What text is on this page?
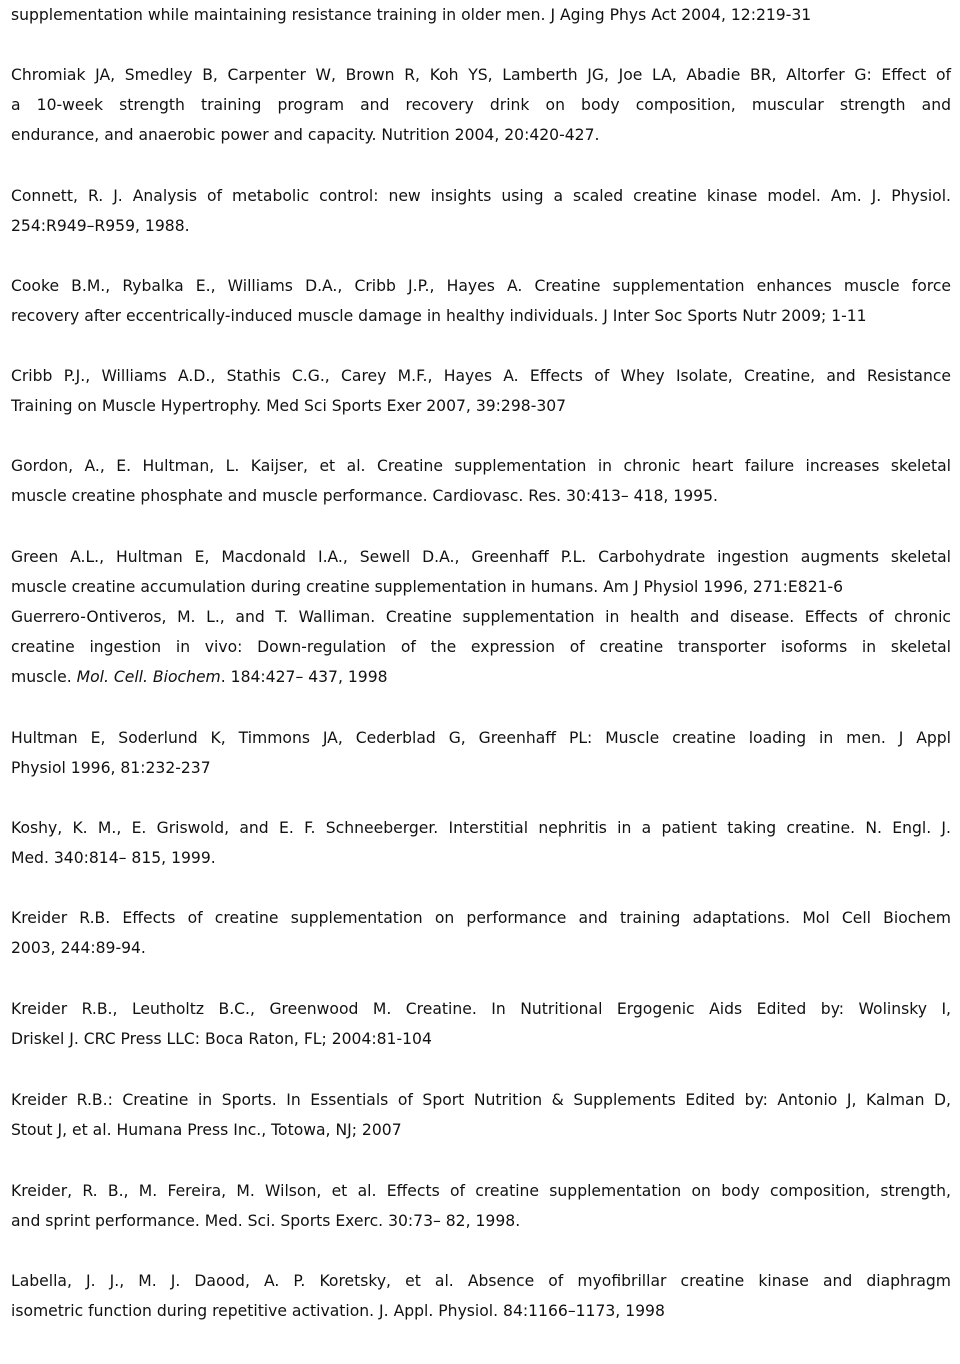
supplementation while maintaining resistance training in older men. J Aging Phys Act 2004, 12:219-31
Chromiak JA, Smedley B, Carpenter W, Brown R, Koh YS, Lamberth JG, Joe LA, Abadie BR, Altorfer G: Effect of
a 10-week strength training program and recovery drink on body composition, muscular strength and
endurance, and anaerobic power and capacity. Nutrition 2004, 20:420-427.
Connett, R. J. Analysis of metabolic control: new insights using a scaled creatine kinase model. Am. J. Physiol.
254:R949–R959, 1988.
Cooke B.M., Rybalka E., Williams D.A., Cribb J.P., Hayes A. Creatine supplementation enhances muscle force
recovery after eccentrically-induced muscle damage in healthy individuals. J Inter Soc Sports Nutr 2009; 1-11
Cribb P.J., Williams A.D., Stathis C.G., Carey M.F., Hayes A. Effects of Whey Isolate, Creatine, and Resistance
Training on Muscle Hypertrophy. Med Sci Sports Exer 2007, 39:298-307
Gordon, A., E. Hultman, L. Kaijser, et al. Creatine supplementation in chronic heart failure increases skeletal
muscle creatine phosphate and muscle performance. Cardiovasc. Res. 30:413– 418, 1995.
Green A.L., Hultman E, Macdonald I.A., Sewell D.A., Greenhaff P.L. Carbohydrate ingestion augments skeletal
muscle creatine accumulation during creatine supplementation in humans. Am J Physiol 1996, 271:E821-6
Guerrero-Ontiveros, M. L., and T. Walliman. Creatine supplementation in health and disease. Effects of chronic
creatine ingestion in vivo: Down-regulation of the expression of creatine transporter isoforms in skeletal
muscle. Mol. Cell. Biochem. 184:427– 437, 1998
Hultman E, Soderlund K, Timmons JA, Cederblad G, Greenhaff PL: Muscle creatine loading in men. J Appl
Physiol 1996, 81:232-237
Koshy, K. M., E. Griswold, and E. F. Schneeberger. Interstitial nephritis in a patient taking creatine. N. Engl. J.
Med. 340:814– 815, 1999.
Kreider R.B. Effects of creatine supplementation on performance and training adaptations. Mol Cell Biochem
2003, 244:89-94.
Kreider R.B., Leutholtz B.C., Greenwood M. Creatine. In Nutritional Ergogenic Aids Edited by: Wolinsky I,
Driskel J. CRC Press LLC: Boca Raton, FL; 2004:81-104
Kreider R.B.: Creatine in Sports. In Essentials of Sport Nutrition & Supplements Edited by: Antonio J, Kalman D,
Stout J, et al. Humana Press Inc., Totowa, NJ; 2007
Kreider, R. B., M. Fereira, M. Wilson, et al. Effects of creatine supplementation on body composition, strength,
and sprint performance. Med. Sci. Sports Exerc. 30:73– 82, 1998.
Labella, J. J., M. J. Daood, A. P. Koretsky, et al. Absence of myofibrillar creatine kinase and diaphragm
isometric function during repetitive activation. J. Appl. Physiol. 84:1166–1173, 1998
